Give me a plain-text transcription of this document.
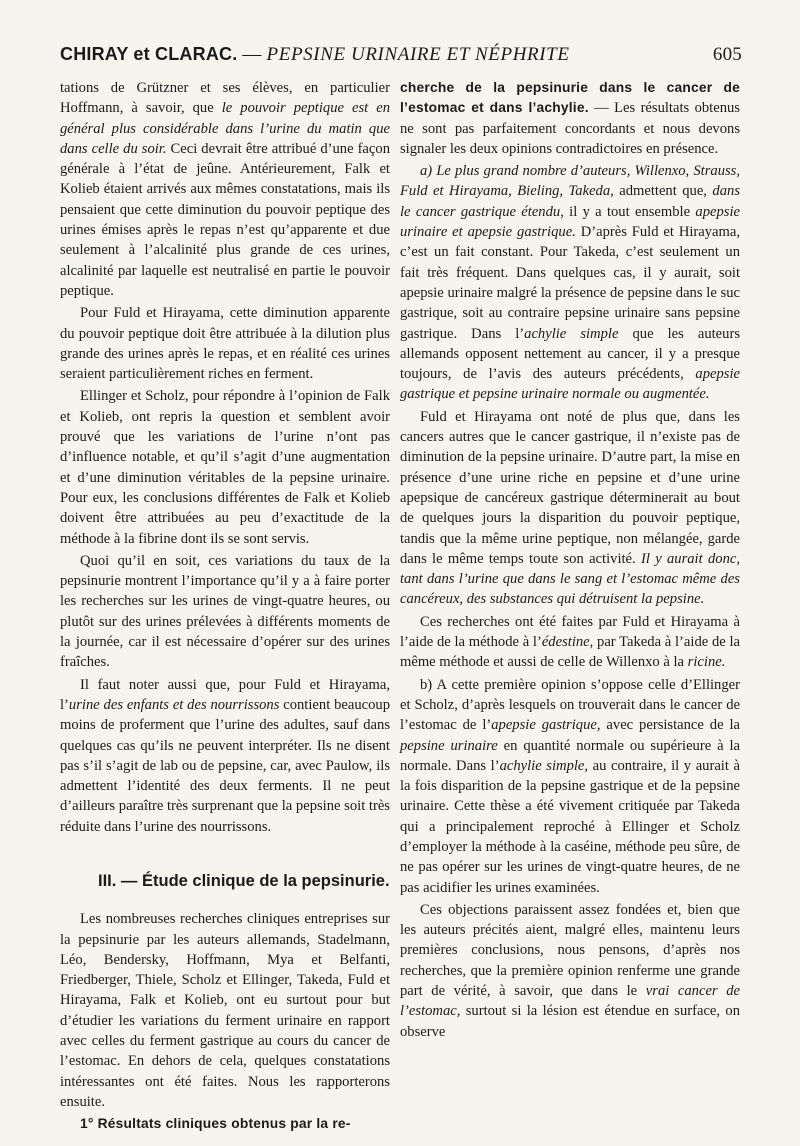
CHIRAY et CLARAC. — PEPSINE URINAIRE ET NÉPHRITE	605

tations de Grützner et ses élèves, en particulier Hoffmann, à savoir, que le pouvoir peptique est en général plus considérable dans l’urine du matin que dans celle du soir. Ceci devrait être attribué d’une façon générale à l’état de jeûne. Antérieurement, Falk et Kolieb étaient arrivés aux mêmes constatations, mais ils pensaient que cette diminution du pouvoir peptique des urines émises après le repas n’est qu’apparente et due seulement à l’alcalinité plus grande de ces urines, alcalinité par laquelle est neutralisé en partie le pouvoir peptique.

Pour Fuld et Hirayama, cette diminution apparente du pouvoir peptique doit être attribuée à la dilution plus grande des urines après le repas, et en réalité ces urines seraient particulièrement riches en ferment.

Ellinger et Scholz, pour répondre à l’opinion de Falk et Kolieb, ont repris la question et semblent avoir prouvé que les variations de l’urine n’ont pas d’influence notable, et qu’il s’agit d’une augmentation et d’une diminution véritables de la pepsine urinaire. Pour eux, les conclusions différentes de Falk et Kolieb doivent être attribuées au peu d’exactitude de la méthode à la fibrine dont ils se sont servis.

Quoi qu’il en soit, ces variations du taux de la pepsinurie montrent l’importance qu’il y a à faire porter les recherches sur les urines de vingt-quatre heures, ou plutôt sur des urines prélevées à différents moments de la journée, car il est nécessaire d’opérer sur des urines fraîches.

Il faut noter aussi que, pour Fuld et Hirayama, l’urine des enfants et des nourrissons contient beaucoup moins de proferment que l’urine des adultes, sauf dans quelques cas qu’ils ne peuvent interpréter. Ils ne disent pas s’il s’agit de lab ou de pepsine, car, avec Paulow, ils admettent l’identité des deux ferments. Il ne peut d’ailleurs paraître très surprenant que la pepsine soit très réduite dans l’urine des nourrissons.

III. — Étude clinique de la pepsinurie.

Les nombreuses recherches cliniques entreprises sur la pepsinurie par les auteurs allemands, Stadelmann, Léo, Bendersky, Hoffmann, Mya et Belfanti, Friedberger, Thiele, Scholz et Ellinger, Takeda, Fuld et Hirayama, Falk et Kolieb, ont eu surtout pour but d’étudier les variations du ferment urinaire en rapport avec celles du ferment gastrique au cours du cancer de l’estomac. En dehors de cela, quelques constatations intéressantes ont été faites. Nous les rapporterons ensuite.

1° Résultats cliniques obtenus par la re-

cherche de la pepsinurie dans le cancer de l’estomac et dans l’achylie. — Les résultats obtenus ne sont pas parfaitement concordants et nous devons signaler les deux opinions contradictoires en présence.

a) Le plus grand nombre d’auteurs, Willenxo, Strauss, Fuld et Hirayama, Bieling, Takeda, admettent que, dans le cancer gastrique étendu, il y a tout ensemble apepsie urinaire et apepsie gastrique. D’après Fuld et Hirayama, c’est un fait constant. Pour Takeda, c’est seulement un fait très fréquent. Dans quelques cas, il y aurait, soit apepsie urinaire malgré la présence de pepsine dans le suc gastrique, soit au contraire pepsine urinaire sans pepsine gastrique. Dans l’achylie simple que les auteurs allemands opposent nettement au cancer, il y a presque toujours, de l’avis des auteurs précédents, apepsie gastrique et pepsine urinaire normale ou augmentée.

Fuld et Hirayama ont noté de plus que, dans les cancers autres que le cancer gastrique, il n’existe pas de diminution de la pepsine urinaire. D’autre part, la mise en présence d’une urine riche en pepsine et d’une urine apepsique de cancéreux gastrique déterminerait au bout de quelques jours la disparition du pouvoir peptique, tandis que la même urine peptique, non mélangée, garde dans le même temps toute son activité. Il y aurait donc, tant dans l’urine que dans le sang et l’estomac même des cancéreux, des substances qui détruisent la pepsine.

Ces recherches ont été faites par Fuld et Hirayama à l’aide de la méthode à l’édestine, par Takeda à l’aide de la même méthode et aussi de celle de Willenxo à la ricine.

b) A cette première opinion s’oppose celle d’Ellinger et Scholz, d’après lesquels on trouverait dans le cancer de l’estomac de l’apepsie gastrique, avec persistance de la pepsine urinaire en quantité normale ou supérieure à la normale. Dans l’achylie simple, au contraire, il y aurait à la fois disparition de la pepsine gastrique et de la pepsine urinaire. Cette thèse a été vivement critiquée par Takeda qui a principalement reproché à Ellinger et Scholz d’employer la méthode à la caséine, méthode peu sûre, de ne pas opérer sur les urines de vingt-quatre heures, de ne pas acidifier les urines examinées.

Ces objections paraissent assez fondées et, bien que les auteurs précités aient, malgré elles, maintenu leurs premières conclusions, nous pensons, d’après nos recherches, que la première opinion renferme une grande part de vérité, à savoir, que dans le vrai cancer de l’estomac, surtout si la lésion est étendue en surface, on observe
